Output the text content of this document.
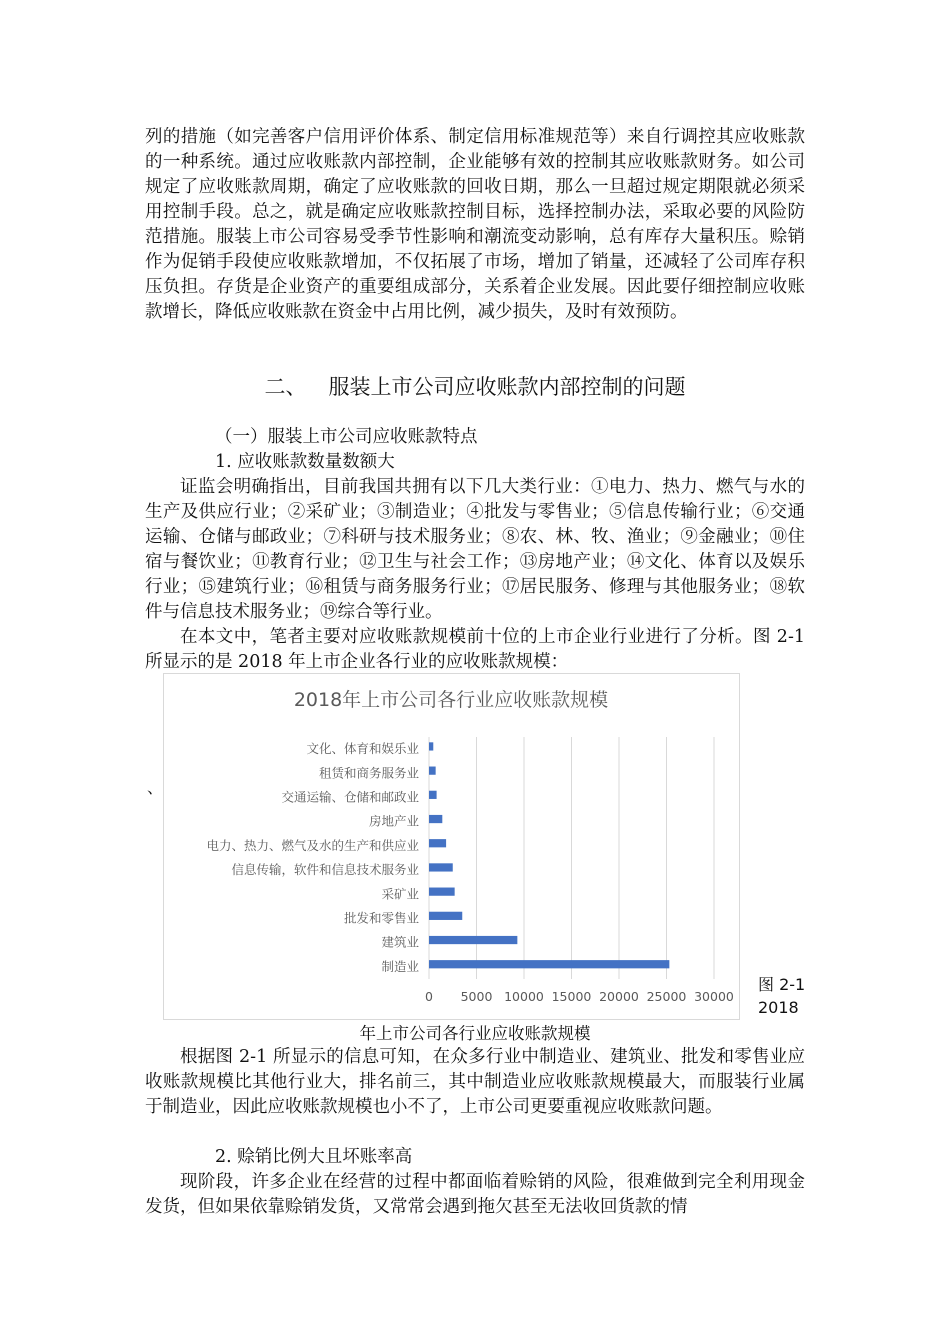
列的措施（如完善客户信用评价体系、制定信用标准规范等）来自行调控其应收账款的一种系统。通过应收账款内部控制，企业能够有效的控制其应收账款财务。如公司规定了应收账款周期，确定了应收账款的回收日期，那么一旦超过规定期限就必须采用控制手段。总之，就是确定应收账款控制目标，选择控制办法，采取必要的风险防范措施。服装上市公司容易受季节性影响和潮流变动影响，总有库存大量积压。赊销作为促销手段使应收账款增加，不仅拓展了市场，增加了销量，还减轻了公司库存积压负担。存货是企业资产的重要组成部分，关系着企业发展。因此要仔细控制应收账款增长，降低应收账款在资金中占用比例，减少损失，及时有效预防。

二、 服装上市公司应收账款内部控制的问题
（一）服装上市公司应收账款特点
1. 应收账款数量数额大

证监会明确指出，目前我国共拥有以下几大类行业：①电力、热力、燃气与水的生产及供应行业；②采矿业；③制造业；④批发与零售业；⑤信息传输行业；⑥交通运输、仓储与邮政业；⑦科研与技术服务业；⑧农、林、牧、渔业；⑨金融业；⑩住宿与餐饮业；⑪教育行业；⑫卫生与社会工作；⑬房地产业；⑭文化、体育以及娱乐行业；⑮建筑行业；⑯租赁与商务服务行业；⑰居民服务、修理与其他服务业；⑱软件与信息技术服务业；⑲综合等行业。

在本文中，笔者主要对应收账款规模前十位的上市企业行业进行了分析。图 2-1 所显示的是 2018 年上市企业各行业的应收账款规模：

、
2018年上市公司各行业应收账款规模
文化、体育和娱乐业
租赁和商务服务业
交通运输、仓储和邮政业
房地产业
电力、热力、燃气及水的生产和供应业
信息传输，软件和信息技术服务业
采矿业
批发和零售业
建筑业
制造业
0 5000 10000 15000 20000 25000 30000
图 2-1
2018
年上市公司各行业应收账款规模

根据图 2-1 所显示的信息可知，在众多行业中制造业、建筑业、批发和零售业应收账款规模比其他行业大，排名前三，其中制造业应收账款规模最大，而服装行业属于制造业，因此应收账款规模也小不了，上市公司更要重视应收账款问题。

2. 赊销比例大且坏账率高

现阶段，许多企业在经营的过程中都面临着赊销的风险，很难做到完全利用现金发货，但如果依靠赊销发货，又常常会遇到拖欠甚至无法收回货款的情
